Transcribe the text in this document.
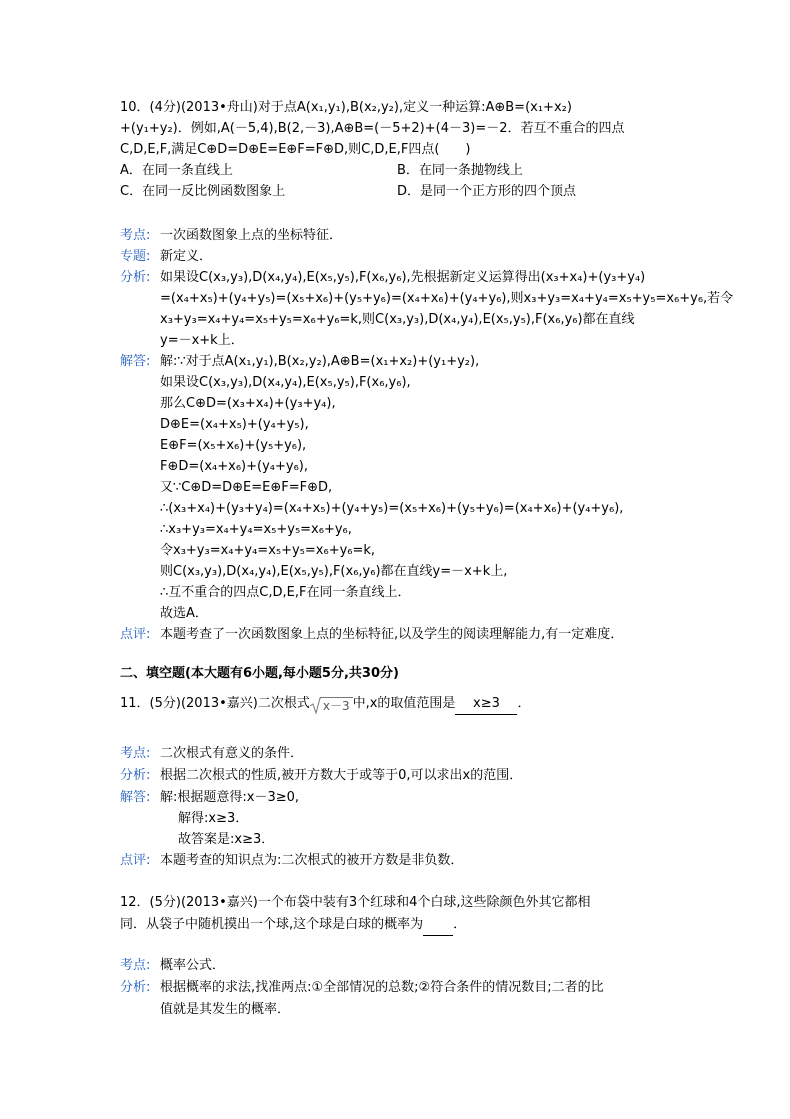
10．(4分)(2013•舟山)对于点A(x₁,y₁),B(x₂,y₂),定义一种运算:A⊕B=(x₁+x₂)
+(y₁+y₂)．例如,A(－5,4),B(2,－3),A⊕B=(－5+2)+(4－3)=－2．若互不重合的四点
C,D,E,F,满足C⊕D=D⊕E=E⊕F=F⊕D,则C,D,E,F四点(　　)
A．在同一条直线上	B．在同一条抛物线上
C．在同一反比例函数图象上	D．是同一个正方形的四个顶点
考点: 一次函数图象上点的坐标特征．
专题: 新定义．
分析: 如果设C(x₃,y₃),D(x₄,y₄),E(x₅,y₅),F(x₆,y₆),先根据新定义运算得出(x₃+x₄)+(y₃+y₄)
=(x₄+x₅)+(y₄+y₅)=(x₅+x₆)+(y₅+y₆)=(x₄+x₆)+(y₄+y₆),则x₃+y₃=x₄+y₄=x₅+y₅=x₆+y₆,若令
x₃+y₃=x₄+y₄=x₅+y₅=x₆+y₆=k,则C(x₃,y₃),D(x₄,y₄),E(x₅,y₅),F(x₆,y₆)都在直线
y=－x+k上．
解答: 解:∵对于点A(x₁,y₁),B(x₂,y₂),A⊕B=(x₁+x₂)+(y₁+y₂),
如果设C(x₃,y₃),D(x₄,y₄),E(x₅,y₅),F(x₆,y₆),
那么C⊕D=(x₃+x₄)+(y₃+y₄),
D⊕E=(x₄+x₅)+(y₄+y₅),
E⊕F=(x₅+x₆)+(y₅+y₆),
F⊕D=(x₄+x₆)+(y₄+y₆),
又∵C⊕D=D⊕E=E⊕F=F⊕D,
∴(x₃+x₄)+(y₃+y₄)=(x₄+x₅)+(y₄+y₅)=(x₅+x₆)+(y₅+y₆)=(x₄+x₆)+(y₄+y₆),
∴x₃+y₃=x₄+y₄=x₅+y₅=x₆+y₆,
令x₃+y₃=x₄+y₄=x₅+y₅=x₆+y₆=k,
则C(x₃,y₃),D(x₄,y₄),E(x₅,y₅),F(x₆,y₆)都在直线y=－x+k上,
∴互不重合的四点C,D,E,F在同一条直线上．
故选A．
点评: 本题考查了一次函数图象上点的坐标特征,以及学生的阅读理解能力,有一定难度．
二、填空题(本大题有6小题,每小题5分,共30分)
11．(5分)(2013•嘉兴)二次根式 x－3 中,x的取值范围是 x≥3 ．
考点: 二次根式有意义的条件．
分析: 根据二次根式的性质,被开方数大于或等于0,可以求出x的范围．
解答: 解:根据题意得:x－3≥0,
解得:x≥3．
故答案是:x≥3．
点评: 本题考查的知识点为:二次根式的被开方数是非负数．
12．(5分)(2013•嘉兴)一个布袋中装有3个红球和4个白球,这些除颜色外其它都相
同．从袋子中随机摸出一个球,这个球是白球的概率为 ．
考点: 概率公式．
分析: 根据概率的求法,找准两点:①全部情况的总数;②符合条件的情况数目;二者的比
值就是其发生的概率．
